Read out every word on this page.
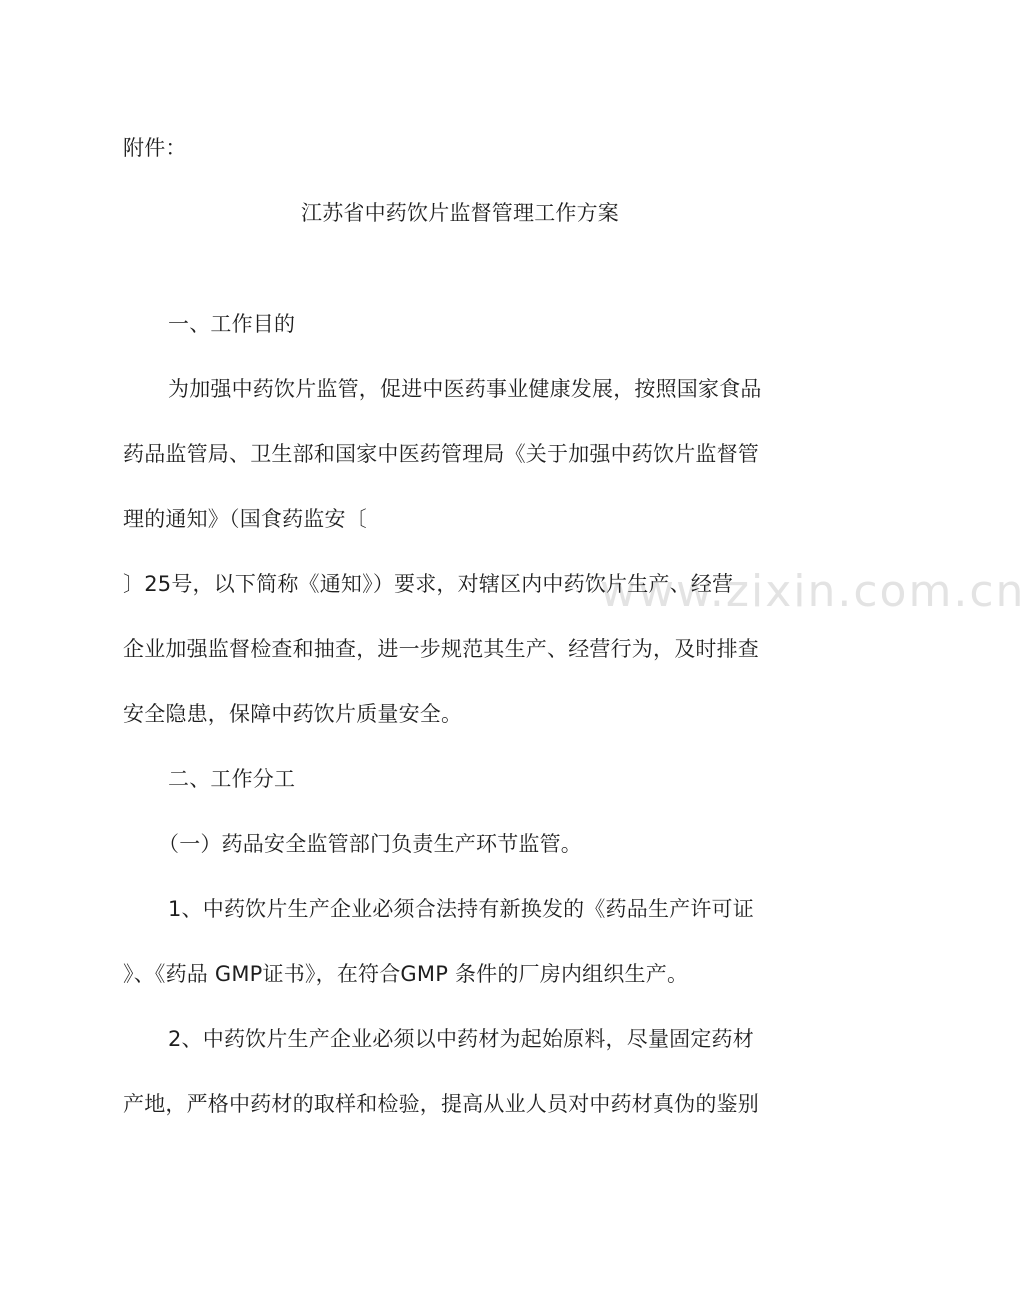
www.zixin.com.cn
附件：
江苏省中药饮片监督管理工作方案
一、工作目的
为加强中药饮片监管，促进中医药事业健康发展，按照国家食品
药品监管局、卫生部和国家中医药管理局《关于加强中药饮片监督管
理的通知》（国食药监安〔
〕25号，以下简称《通知》）要求，对辖区内中药饮片生产、经营
企业加强监督检查和抽查，进一步规范其生产、经营行为，及时排查
安全隐患，保障中药饮片质量安全。
二、工作分工
（一）药品安全监管部门负责生产环节监管。
1、中药饮片生产企业必须合法持有新换发的《药品生产许可证
》、《药品 GMP证书》，在符合GMP 条件的厂房内组织生产。
2、中药饮片生产企业必须以中药材为起始原料，尽量固定药材
产地，严格中药材的取样和检验，提高从业人员对中药材真伪的鉴别
